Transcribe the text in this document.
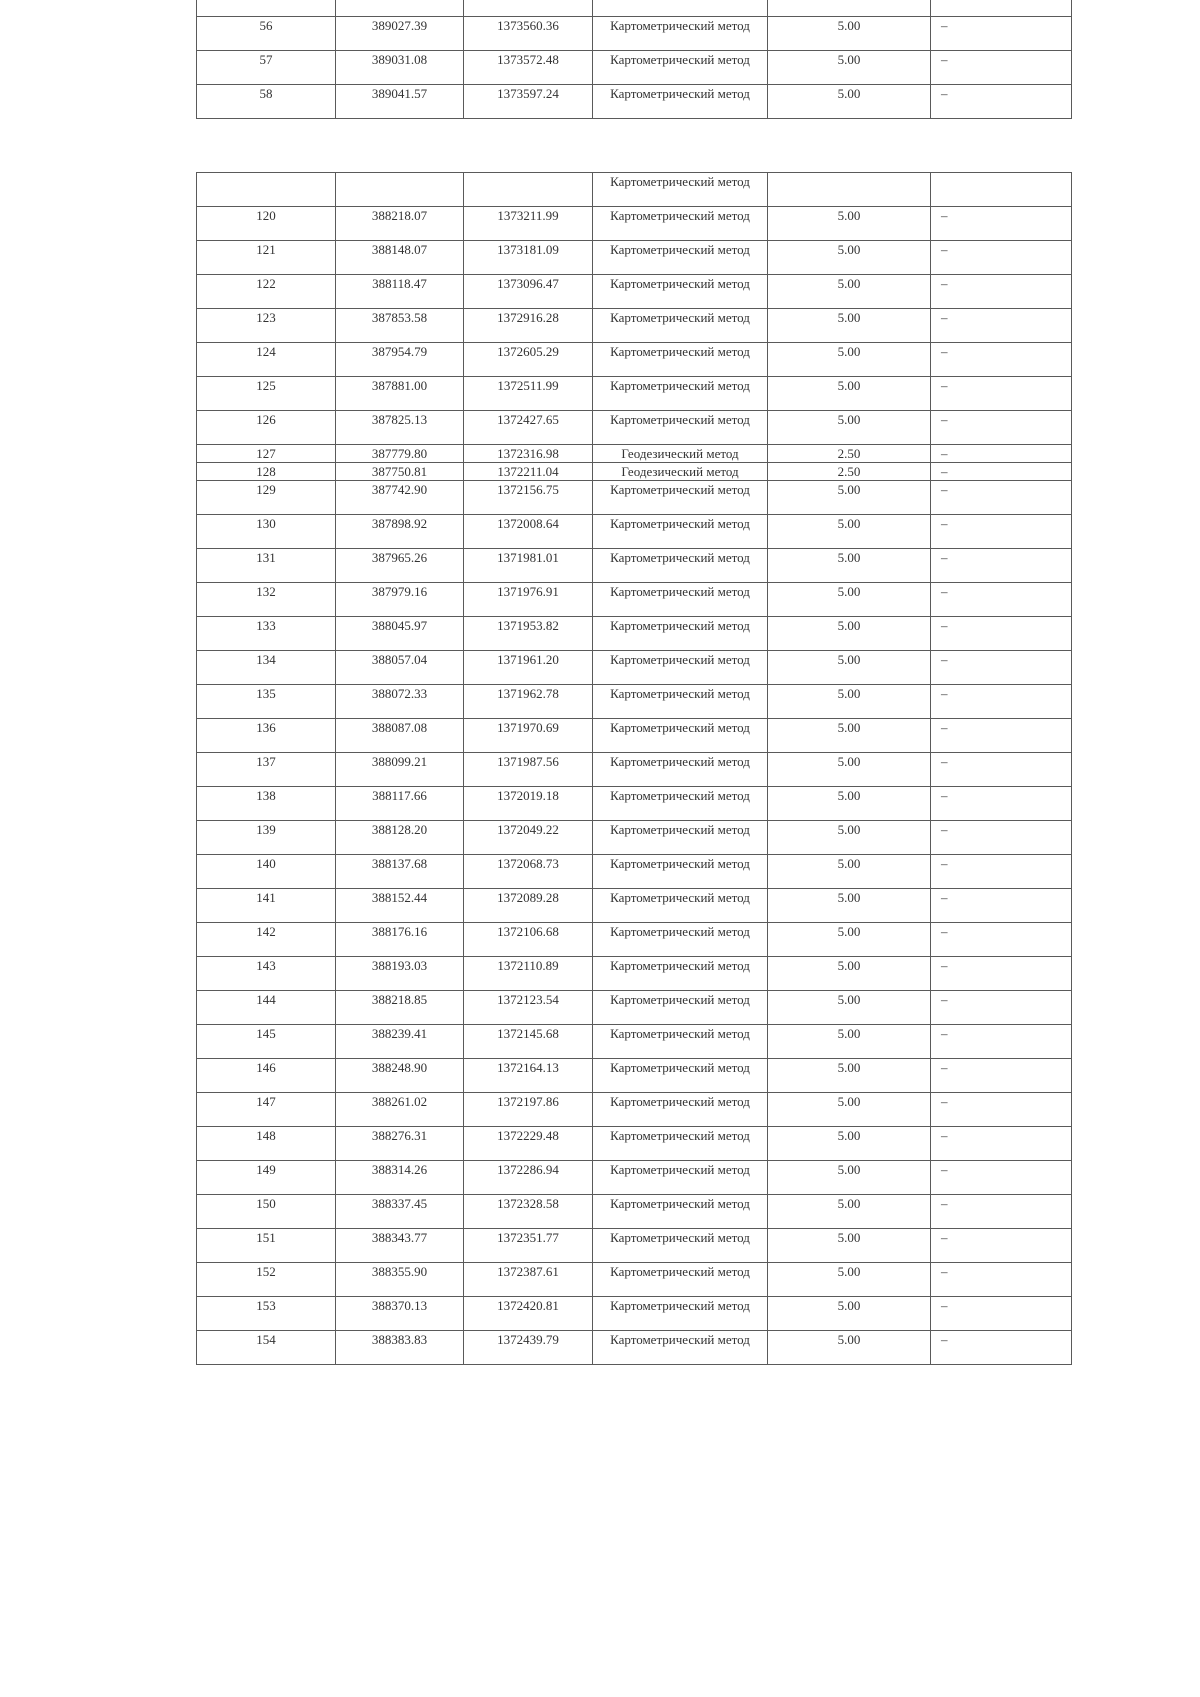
56	389027.39	1373560.36	Картометрический метод	5.00	–
57	389031.08	1373572.48	Картометрический метод	5.00	–
58	389041.57	1373597.24	Картометрический метод	5.00	–
			Картометрический метод		
120	388218.07	1373211.99	Картометрический метод	5.00	–
121	388148.07	1373181.09	Картометрический метод	5.00	–
122	388118.47	1373096.47	Картометрический метод	5.00	–
123	387853.58	1372916.28	Картометрический метод	5.00	–
124	387954.79	1372605.29	Картометрический метод	5.00	–
125	387881.00	1372511.99	Картометрический метод	5.00	–
126	387825.13	1372427.65	Картометрический метод	5.00	–
127	387779.80	1372316.98	Геодезический метод	2.50	–
128	387750.81	1372211.04	Геодезический метод	2.50	–
129	387742.90	1372156.75	Картометрический метод	5.00	–
130	387898.92	1372008.64	Картометрический метод	5.00	–
131	387965.26	1371981.01	Картометрический метод	5.00	–
132	387979.16	1371976.91	Картометрический метод	5.00	–
133	388045.97	1371953.82	Картометрический метод	5.00	–
134	388057.04	1371961.20	Картометрический метод	5.00	–
135	388072.33	1371962.78	Картометрический метод	5.00	–
136	388087.08	1371970.69	Картометрический метод	5.00	–
137	388099.21	1371987.56	Картометрический метод	5.00	–
138	388117.66	1372019.18	Картометрический метод	5.00	–
139	388128.20	1372049.22	Картометрический метод	5.00	–
140	388137.68	1372068.73	Картометрический метод	5.00	–
141	388152.44	1372089.28	Картометрический метод	5.00	–
142	388176.16	1372106.68	Картометрический метод	5.00	–
143	388193.03	1372110.89	Картометрический метод	5.00	–
144	388218.85	1372123.54	Картометрический метод	5.00	–
145	388239.41	1372145.68	Картометрический метод	5.00	–
146	388248.90	1372164.13	Картометрический метод	5.00	–
147	388261.02	1372197.86	Картометрический метод	5.00	–
148	388276.31	1372229.48	Картометрический метод	5.00	–
149	388314.26	1372286.94	Картометрический метод	5.00	–
150	388337.45	1372328.58	Картометрический метод	5.00	–
151	388343.77	1372351.77	Картометрический метод	5.00	–
152	388355.90	1372387.61	Картометрический метод	5.00	–
153	388370.13	1372420.81	Картометрический метод	5.00	–
154	388383.83	1372439.79	Картометрический метод	5.00	–
